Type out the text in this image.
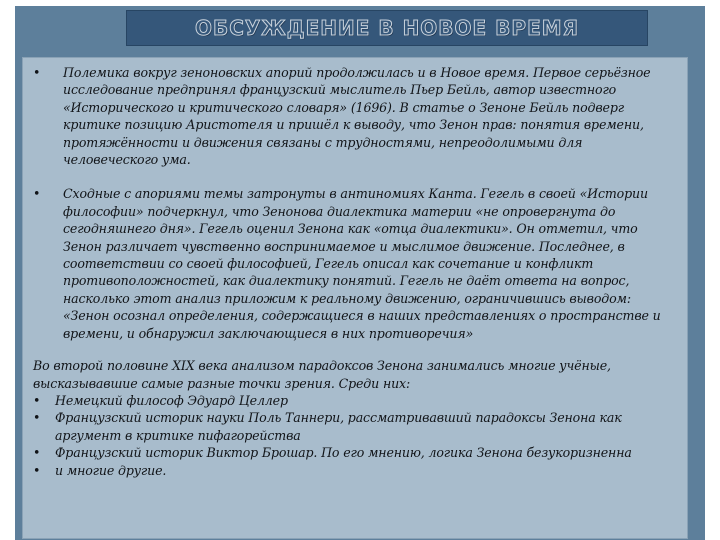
ОБСУЖДЕНИЕ В НОВОЕ ВРЕМЯ
• Полемика вокруг зеноновских апорий продолжилась и в Новое время. Первое серьёзное исследование предпринял французский мыслитель Пьер Бейль, автор известного «Исторического и критического словаря» (1696). В статье о Зеноне Бейль подверг критике позицию Аристотеля и пришёл к выводу, что Зенон прав: понятия времени, протяжённости и движения связаны с трудностями, непреодолимыми для человеческого ума.
• Сходные с апориями темы затронуты в антиномиях Канта. Гегель в своей «Истории философии» подчеркнул, что Зенонова диалектика материи «не опровергнута до сегодняшнего дня». Гегель оценил Зенона как «отца диалектики». Он отметил, что Зенон различает чувственно воспринимаемое и мыслимое движение. Последнее, в соответствии со своей философией, Гегель описал как сочетание и конфликт противоположностей, как диалектику понятий. Гегель не даёт ответа на вопрос, насколько этот анализ приложим к реальному движению, ограничившись выводом: «Зенон осознал определения, содержащиеся в наших представлениях о пространстве и времени, и обнаружил заключающиеся в них противоречия»
Во второй половине XIX века анализом парадоксов Зенона занимались многие учёные, высказывавшие самые разные точки зрения. Среди них:
• Немецкий философ Эдуард Целлер
• Французский историк науки Поль Таннери, рассматривавший парадоксы Зенона как аргумент в критике пифагорейства
• Французский историк Виктор Брошар. По его мнению, логика Зенона безукоризненна
• и многие другие.
